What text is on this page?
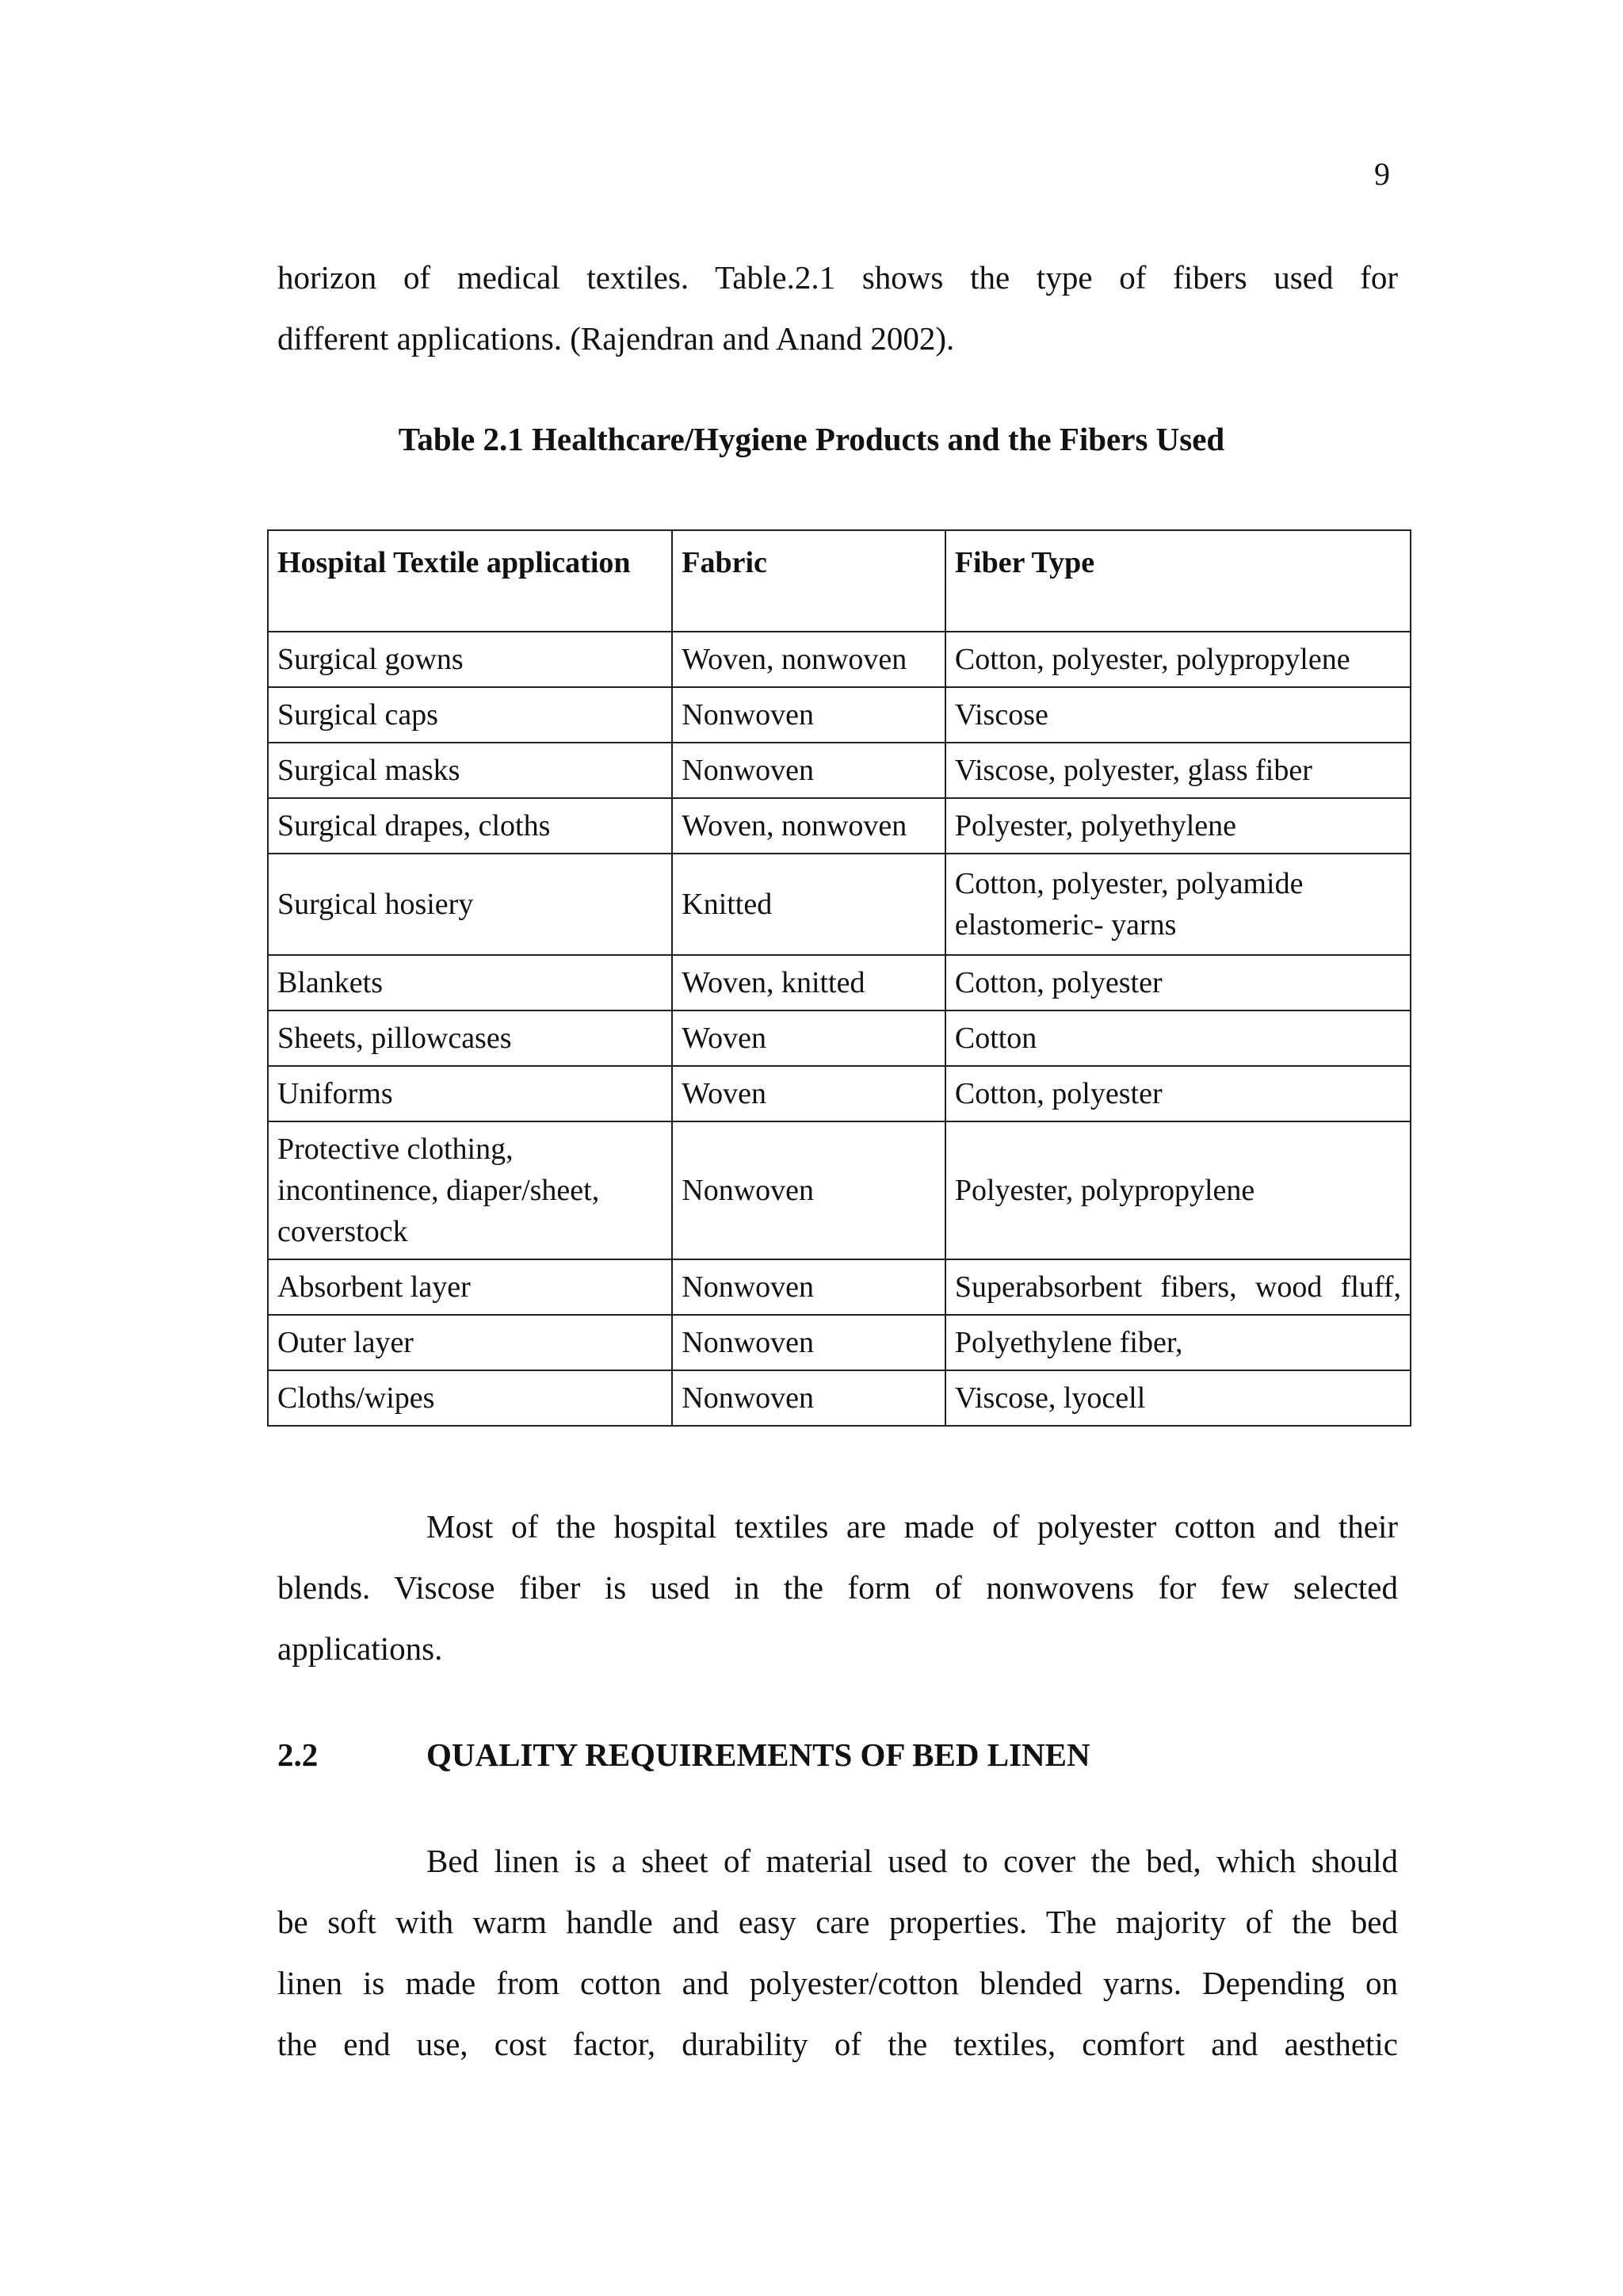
9
horizon of medical textiles. Table.2.1 shows the type of fibers used for
different applications. (Rajendran and Anand 2002).
Table 2.1 Healthcare/Hygiene Products and the Fibers Used
Hospital Textile application	Fabric	Fiber Type
Surgical gowns	Woven, nonwoven	Cotton, polyester, polypropylene
Surgical caps	Nonwoven	Viscose
Surgical masks	Nonwoven	Viscose, polyester, glass fiber
Surgical drapes, cloths	Woven, nonwoven	Polyester, polyethylene
Surgical hosiery	Knitted	Cotton, polyester, polyamide elastomeric- yarns
Blankets	Woven, knitted	Cotton, polyester
Sheets, pillowcases	Woven	Cotton
Uniforms	Woven	Cotton, polyester
Protective clothing, incontinence, diaper/sheet, coverstock	Nonwoven	Polyester, polypropylene
Absorbent layer	Nonwoven	Superabsorbent fibers, wood fluff,
Outer layer	Nonwoven	Polyethylene fiber,
Cloths/wipes	Nonwoven	Viscose, lyocell
Most of the hospital textiles are made of polyester cotton and their
blends. Viscose fiber is used in the form of nonwovens for few selected
applications.
2.2	QUALITY REQUIREMENTS OF BED LINEN
Bed linen is a sheet of material used to cover the bed, which should
be soft with warm handle and easy care properties. The majority of the bed
linen is made from cotton and polyester/cotton blended yarns. Depending on
the end use, cost factor, durability of the textiles, comfort and aesthetic
